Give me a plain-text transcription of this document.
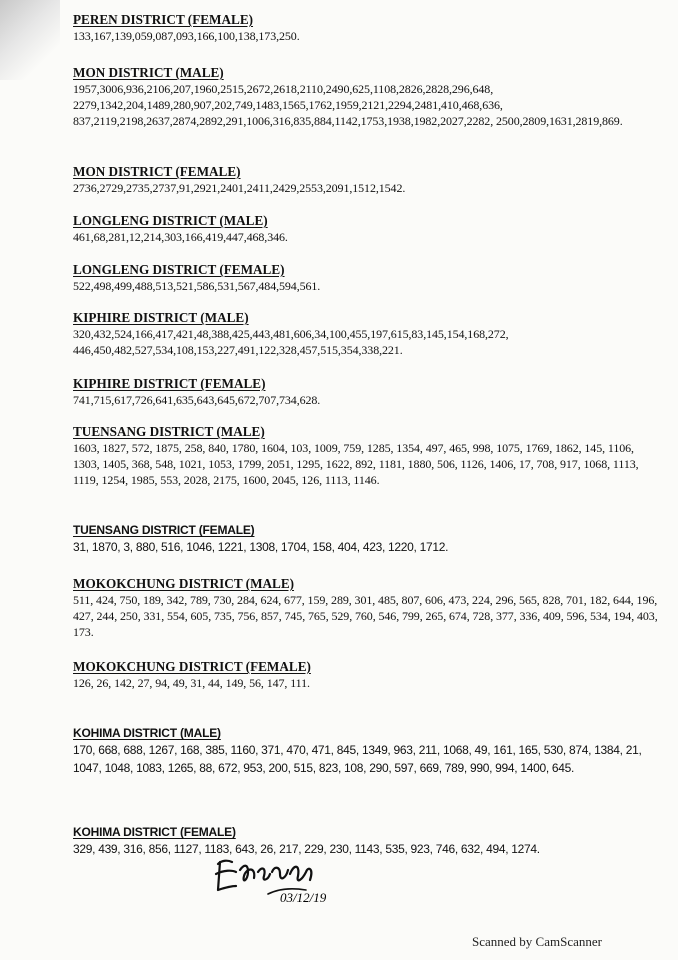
PEREN DISTRICT (FEMALE)
133,167,139,059,087,093,166,100,138,173,250.
MON DISTRICT (MALE)
1957,3006,936,2106,207,1960,2515,2672,2618,2110,2490,625,1108,2826,2828,296,648, 2279,1342,204,1489,280,907,202,749,1483,1565,1762,1959,2121,2294,2481,410,468,636, 837,2119,2198,2637,2874,2892,291,1006,316,835,884,1142,1753,1938,1982,2027,2282, 2500,2809,1631,2819,869.
MON DISTRICT (FEMALE)
2736,2729,2735,2737,91,2921,2401,2411,2429,2553,2091,1512,1542.
LONGLENG DISTRICT (MALE)
461,68,281,12,214,303,166,419,447,468,346.
LONGLENG DISTRICT (FEMALE)
522,498,499,488,513,521,586,531,567,484,594,561.
KIPHIRE DISTRICT (MALE)
320,432,524,166,417,421,48,388,425,443,481,606,34,100,455,197,615,83,145,154,168,272, 446,450,482,527,534,108,153,227,491,122,328,457,515,354,338,221.
KIPHIRE DISTRICT (FEMALE)
741,715,617,726,641,635,643,645,672,707,734,628.
TUENSANG DISTRICT (MALE)
1603, 1827, 572, 1875, 258, 840, 1780, 1604, 103, 1009, 759, 1285, 1354, 497, 465, 998, 1075, 1769, 1862, 145, 1106, 1303, 1405, 368, 548, 1021, 1053, 1799, 2051, 1295, 1622, 892, 1181, 1880, 506, 1126, 1406, 17, 708, 917, 1068, 1113, 1119, 1254, 1985, 553, 2028, 2175, 1600, 2045, 126, 1113, 1146.
TUENSANG DISTRICT (FEMALE)
31, 1870, 3, 880, 516, 1046, 1221, 1308, 1704, 158, 404, 423, 1220, 1712.
MOKOKCHUNG DISTRICT (MALE)
511, 424, 750, 189, 342, 789, 730, 284, 624, 677, 159, 289, 301, 485, 807, 606, 473, 224, 296, 565, 828, 701, 182, 644, 196, 427, 244, 250, 331, 554, 605, 735, 756, 857, 745, 765, 529, 760, 546, 799, 265, 674, 728, 377, 336, 409, 596, 534, 194, 403, 173.
MOKOKCHUNG DISTRICT (FEMALE)
126, 26, 142, 27, 94, 49, 31, 44, 149, 56, 147, 111.
KOHIMA DISTRICT (MALE)
170, 668, 688, 1267, 168, 385, 1160, 371, 470, 471, 845, 1349, 963, 211, 1068, 49, 161, 165, 530, 874, 1384, 21, 1047, 1048, 1083, 1265, 88, 672, 953, 200, 515, 823, 108, 290, 597, 669, 789, 990, 994, 1400, 645.
KOHIMA DISTRICT (FEMALE)
329, 439, 316, 856, 1127, 1183, 643, 26, 217, 229, 230, 1143, 535, 923, 746, 632, 494, 1274.
03/12/19
Scanned by CamScanner
